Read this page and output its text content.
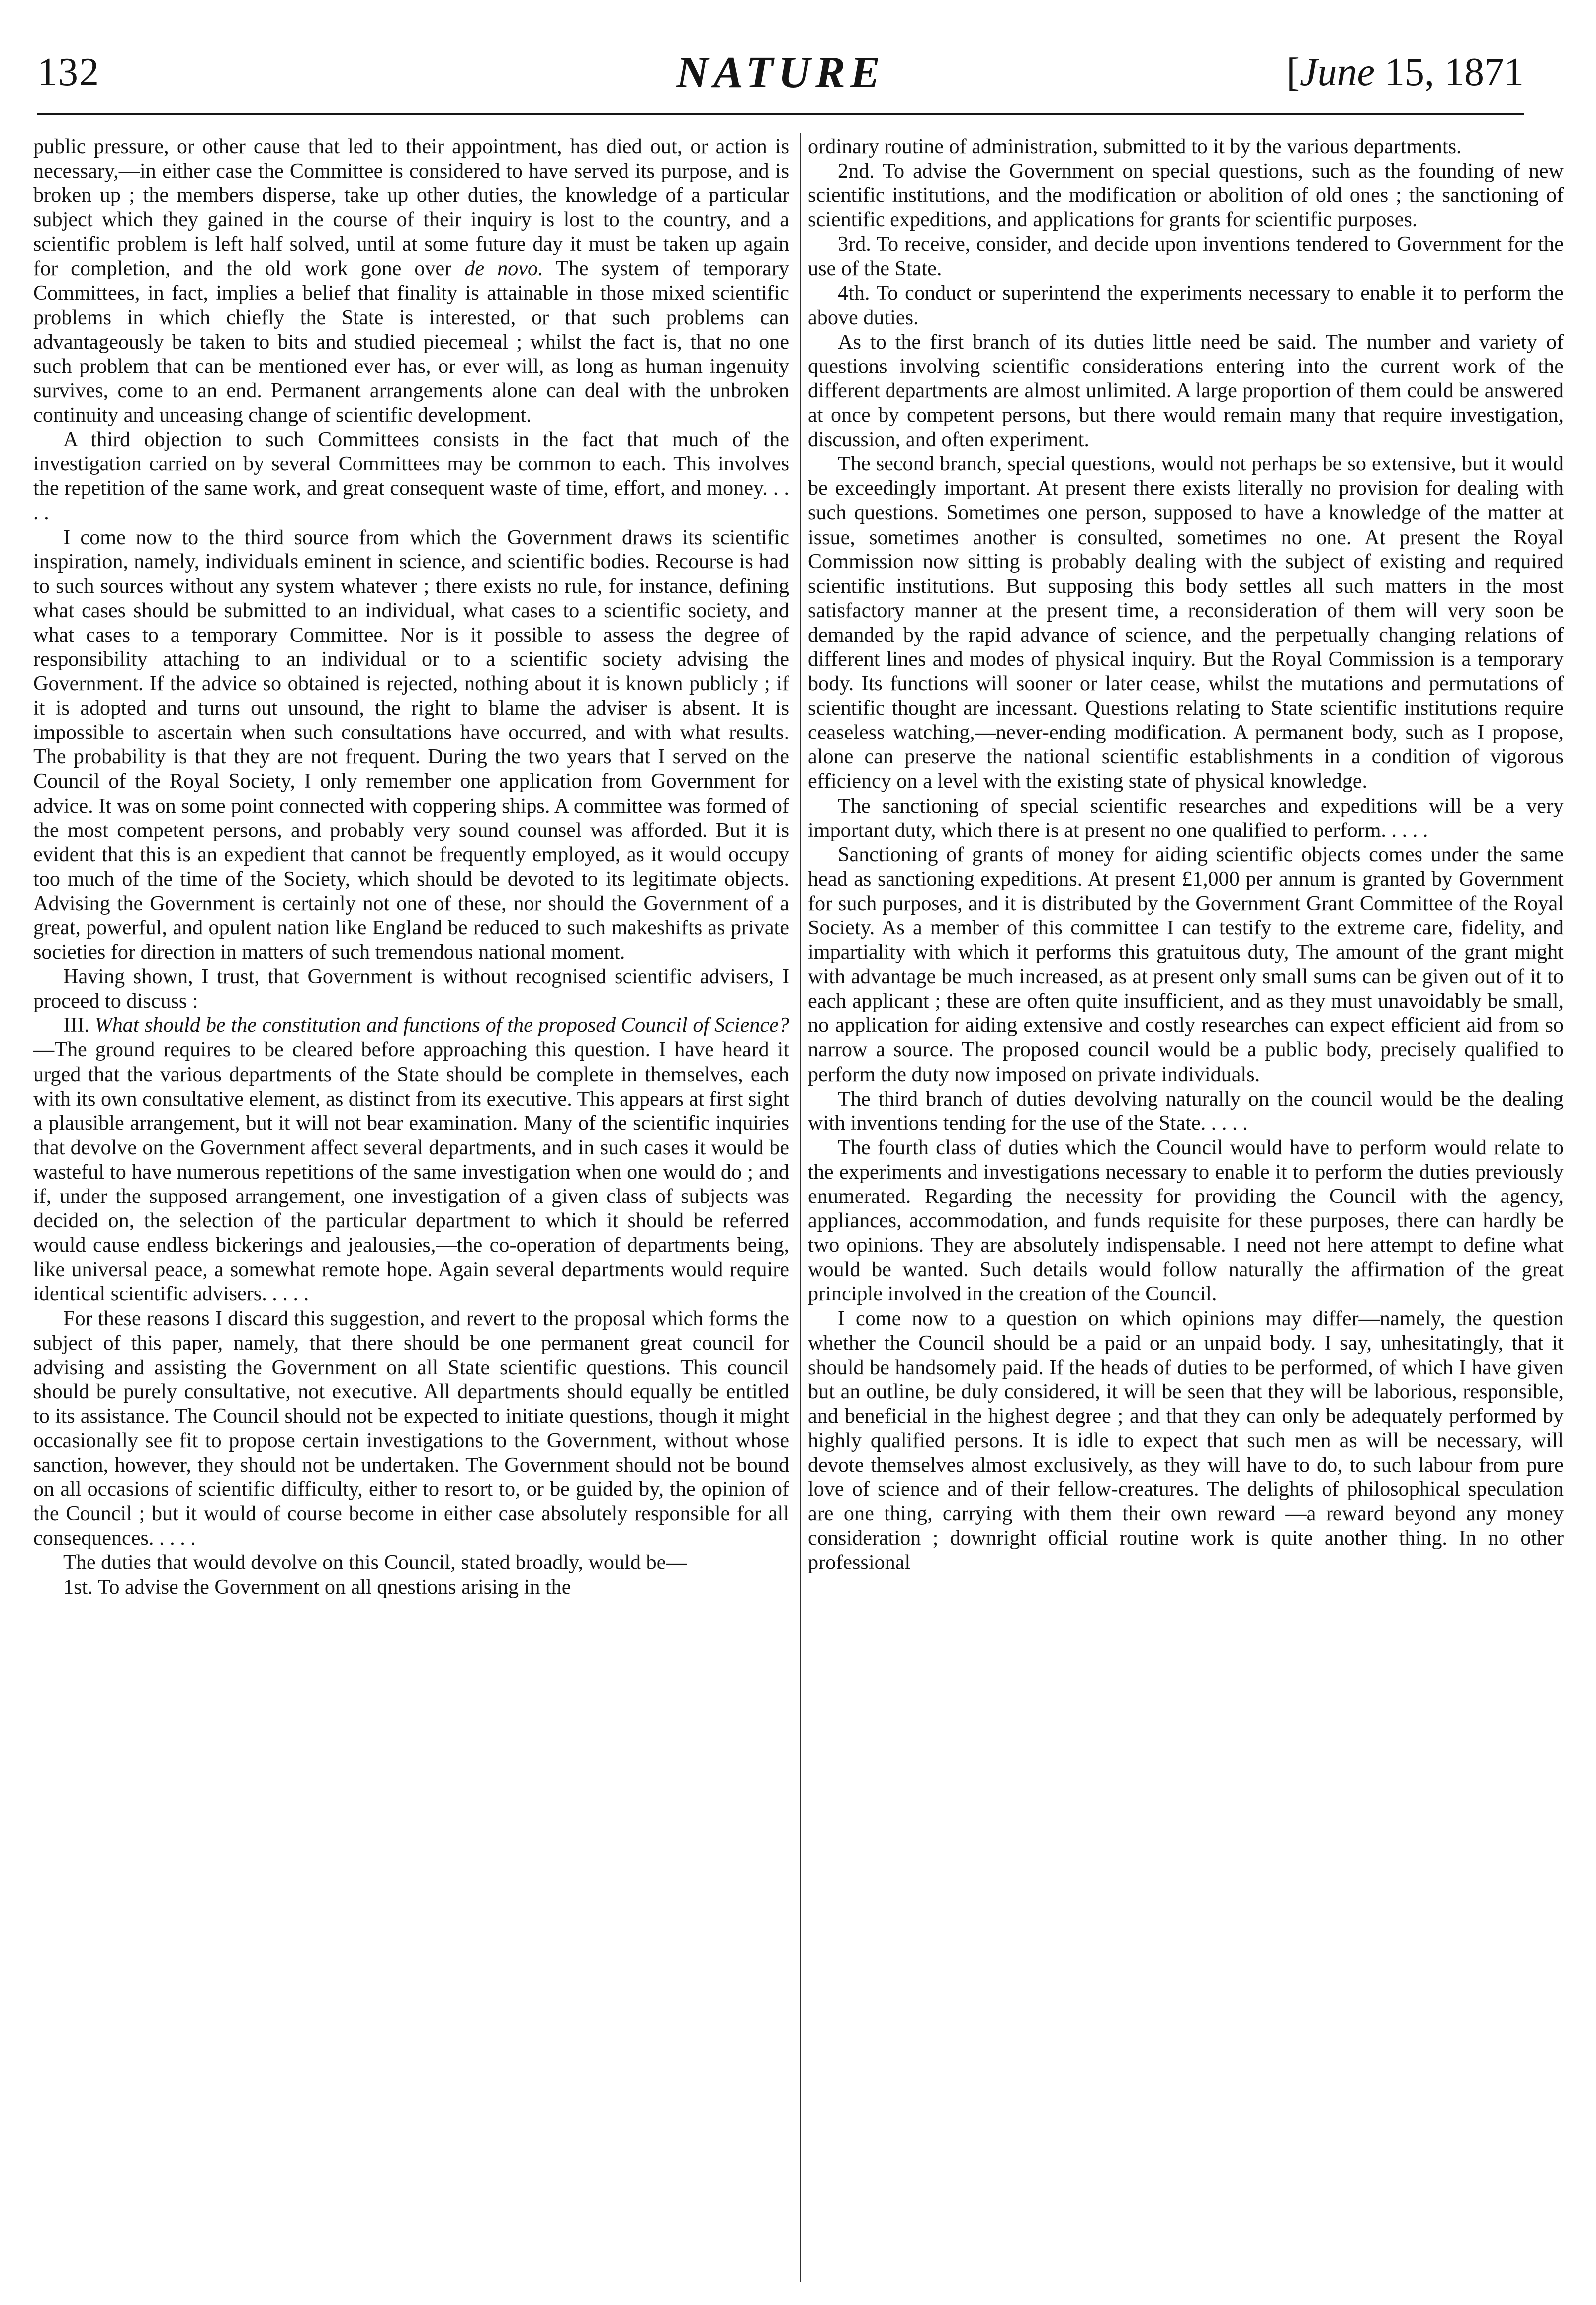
132	NATURE	[June 15, 1871

public pressure, or other cause that led to their appointment, has died out, or action is necessary,—in either case the Committee is considered to have served its purpose, and is broken up ; the members disperse, take up other duties, the knowledge of a particular subject which they gained in the course of their inquiry is lost to the country, and a scientific problem is left half solved, until at some future day it must be taken up again for completion, and the old work gone over de novo. The system of temporary Committees, in fact, implies a belief that finality is attainable in those mixed scientific problems in which chiefly the State is interested, or that such problems can advantageously be taken to bits and studied piecemeal ; whilst the fact is, that no one such problem that can be mentioned ever has, or ever will, as long as human ingenuity survives, come to an end. Permanent arrangements alone can deal with the unbroken continuity and unceasing change of scientific development.

A third objection to such Committees consists in the fact that much of the investigation carried on by several Committees may be common to each. This involves the repetition of the same work, and great consequent waste of time, effort, and money. . . . .

I come now to the third source from which the Government draws its scientific inspiration, namely, individuals eminent in science, and scientific bodies. Recourse is had to such sources without any system whatever ; there exists no rule, for instance, defining what cases should be submitted to an individual, what cases to a scientific society, and what cases to a temporary Committee. Nor is it possible to assess the degree of responsibility attaching to an individual or to a scientific society advising the Government. If the advice so obtained is rejected, nothing about it is known publicly ; if it is adopted and turns out unsound, the right to blame the adviser is absent. It is impossible to ascertain when such consultations have occurred, and with what results. The probability is that they are not frequent. During the two years that I served on the Council of the Royal Society, I only remember one application from Government for advice. It was on some point connected with coppering ships. A committee was formed of the most competent persons, and probably very sound counsel was afforded. But it is evident that this is an expedient that cannot be frequently employed, as it would occupy too much of the time of the Society, which should be devoted to its legitimate objects. Advising the Government is certainly not one of these, nor should the Government of a great, powerful, and opulent nation like England be reduced to such makeshifts as private societies for direction in matters of such tremendous national moment.

Having shown, I trust, that Government is without recognised scientific advisers, I proceed to discuss :

III. What should be the constitution and functions of the proposed Council of Science?—The ground requires to be cleared before approaching this question. I have heard it urged that the various departments of the State should be complete in themselves, each with its own consultative element, as distinct from its executive. This appears at first sight a plausible arrangement, but it will not bear examination. Many of the scientific inquiries that devolve on the Government affect several departments, and in such cases it would be wasteful to have numerous repetitions of the same investigation when one would do ; and if, under the supposed arrangement, one investigation of a given class of subjects was decided on, the selection of the particular department to which it should be referred would cause endless bickerings and jealousies,—the co-operation of departments being, like universal peace, a somewhat remote hope. Again several departments would require identical scientific advisers. . . . .

For these reasons I discard this suggestion, and revert to the proposal which forms the subject of this paper, namely, that there should be one permanent great council for advising and assisting the Government on all State scientific questions. This council should be purely consultative, not executive. All departments should equally be entitled to its assistance. The Council should not be expected to initiate questions, though it might occasionally see fit to propose certain investigations to the Government, without whose sanction, however, they should not be undertaken. The Government should not be bound on all occasions of scientific difficulty, either to resort to, or be guided by, the opinion of the Council ; but it would of course become in either case absolutely responsible for all consequences. . . . .

The duties that would devolve on this Council, stated broadly, would be—

1st. To advise the Government on all qnestions arising in the

ordinary routine of administration, submitted to it by the various departments.

2nd. To advise the Government on special questions, such as the founding of new scientific institutions, and the modification or abolition of old ones ; the sanctioning of scientific expeditions, and applications for grants for scientific purposes.

3rd. To receive, consider, and decide upon inventions tendered to Government for the use of the State.

4th. To conduct or superintend the experiments necessary to enable it to perform the above duties.

As to the first branch of its duties little need be said. The number and variety of questions involving scientific considerations entering into the current work of the different departments are almost unlimited. A large proportion of them could be answered at once by competent persons, but there would remain many that require investigation, discussion, and often experiment.

The second branch, special questions, would not perhaps be so extensive, but it would be exceedingly important. At present there exists literally no provision for dealing with such questions. Sometimes one person, supposed to have a knowledge of the matter at issue, sometimes another is consulted, sometimes no one. At present the Royal Commission now sitting is probably dealing with the subject of existing and required scientific institutions. But supposing this body settles all such matters in the most satisfactory manner at the present time, a reconsideration of them will very soon be demanded by the rapid advance of science, and the perpetually changing relations of different lines and modes of physical inquiry. But the Royal Commission is a temporary body. Its functions will sooner or later cease, whilst the mutations and permutations of scientific thought are incessant. Questions relating to State scientific institutions require ceaseless watching,—never-ending modification. A permanent body, such as I propose, alone can preserve the national scientific establishments in a condition of vigorous efficiency on a level with the existing state of physical knowledge.

The sanctioning of special scientific researches and expeditions will be a very important duty, which there is at present no one qualified to perform. . . . .

Sanctioning of grants of money for aiding scientific objects comes under the same head as sanctioning expeditions. At present £1,000 per annum is granted by Government for such purposes, and it is distributed by the Government Grant Committee of the Royal Society. As a member of this committee I can testify to the extreme care, fidelity, and impartiality with which it performs this gratuitous duty, The amount of the grant might with advantage be much increased, as at present only small sums can be given out of it to each applicant ; these are often quite insufficient, and as they must unavoidably be small, no application for aiding extensive and costly researches can expect efficient aid from so narrow a source. The proposed council would be a public body, precisely qualified to perform the duty now imposed on private individuals.

The third branch of duties devolving naturally on the council would be the dealing with inventions tending for the use of the State. . . . .

The fourth class of duties which the Council would have to perform would relate to the experiments and investigations necessary to enable it to perform the duties previously enumerated. Regarding the necessity for providing the Council with the agency, appliances, accommodation, and funds requisite for these purposes, there can hardly be two opinions. They are absolutely indispensable. I need not here attempt to define what would be wanted. Such details would follow naturally the affirmation of the great principle involved in the creation of the Council.

I come now to a question on which opinions may differ—namely, the question whether the Council should be a paid or an unpaid body. I say, unhesitatingly, that it should be handsomely paid. If the heads of duties to be performed, of which I have given but an outline, be duly considered, it will be seen that they will be laborious, responsible, and beneficial in the highest degree ; and that they can only be adequately performed by highly qualified persons. It is idle to expect that such men as will be necessary, will devote themselves almost exclusively, as they will have to do, to such labour from pure love of science and of their fellow-creatures. The delights of philosophical speculation are one thing, carrying with them their own reward —a reward beyond any money consideration ; downright official routine work is quite another thing. In no other professional
